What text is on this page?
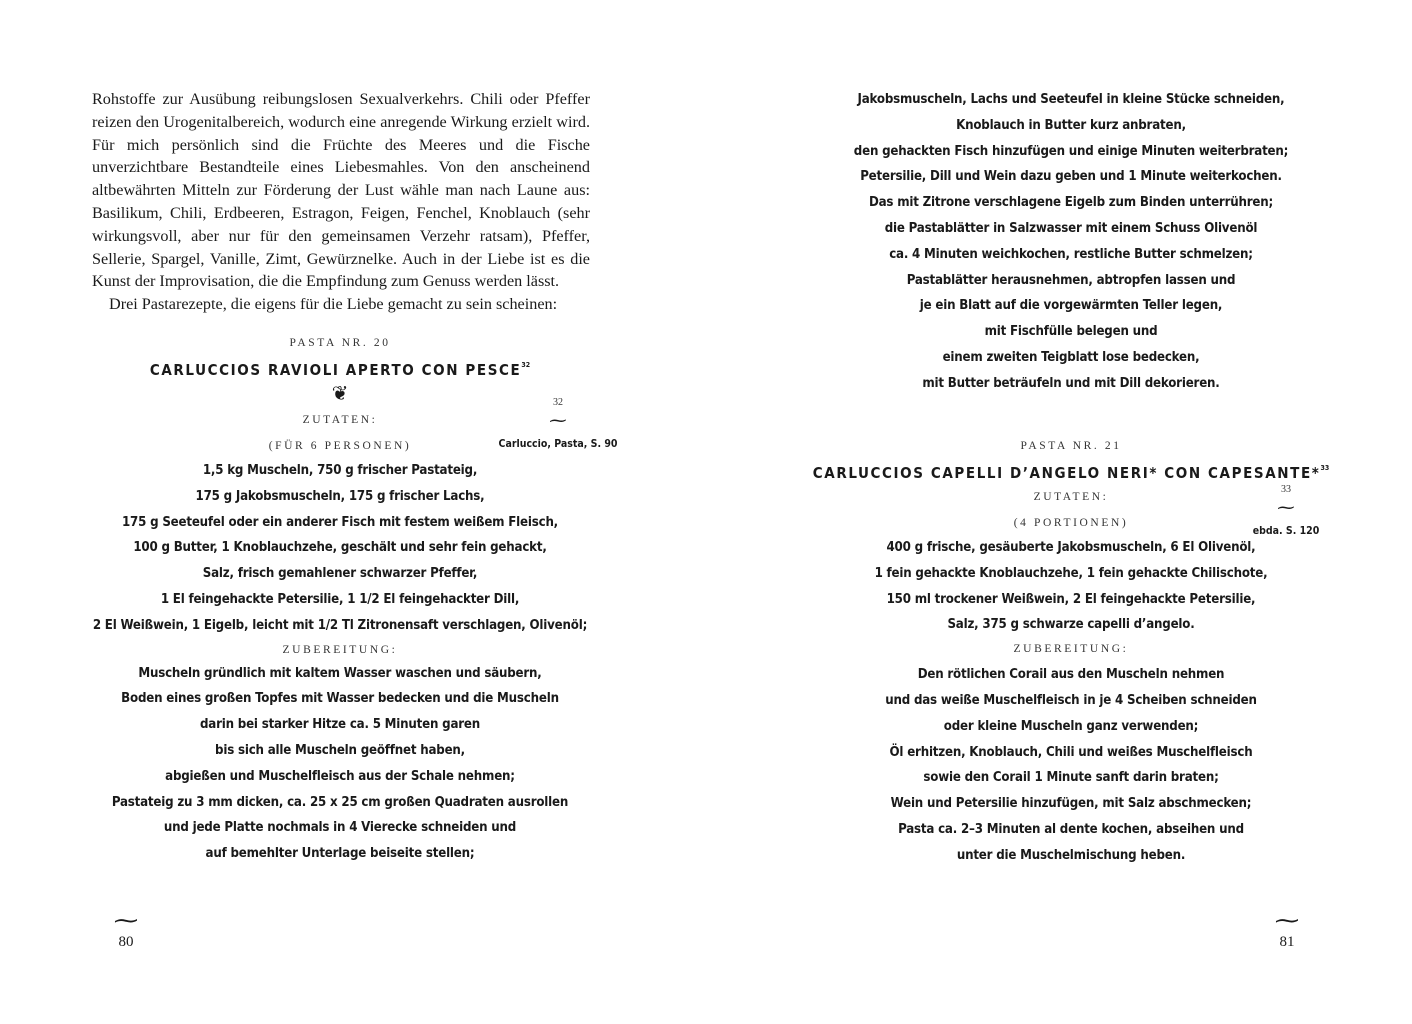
Rohstoffe zur Ausübung reibungslosen Sexualverkehrs. Chili oder Pfeffer reizen den Urogenitalbereich, wodurch eine anregende Wirkung erzielt wird. Für mich persönlich sind die Früchte des Meeres und die Fische unverzichtbare Bestandteile eines Liebesmahles. Von den anscheinend altbewährten Mitteln zur Förderung der Lust wähle man nach Laune aus: Basilikum, Chili, Erdbeeren, Estragon, Feigen, Fenchel, Knoblauch (sehr wirkungsvoll, aber nur für den gemeinsamen Verzehr ratsam), Pfeffer, Sellerie, Spargel, Vanille, Zimt, Gewürznelke. Auch in der Liebe ist es die Kunst der Improvisation, die die Empfindung zum Genuss werden lässt.

Drei Pastarezepte, die eigens für die Liebe gemacht zu sein scheinen:

PASTA NR. 20
CARLUCCIOS RAVIOLI APERTO CON PESCE$^{32}$
❦
ZUTATEN:
(FÜR 6 PERSONEN)
1,5 kg Muscheln, 750 g frischer Pastateig,
175 g Jakobsmuscheln, 175 g frischer Lachs,
175 g Seeteufel oder ein anderer Fisch mit festem weißem Fleisch,
100 g Butter, 1 Knoblauchzehe, geschält und sehr fein gehackt,
Salz, frisch gemahlener schwarzer Pfeffer,
1 El feingehackte Petersilie, 1 1/2 El feingehackter Dill,
2 El Weißwein, 1 Eigelb, leicht mit 1/2 Tl Zitronensaft verschlagen, Olivenöl;
ZUBEREITUNG:
Muscheln gründlich mit kaltem Wasser waschen und säubern,
Boden eines großen Topfes mit Wasser bedecken und die Muscheln
darin bei starker Hitze ca. 5 Minuten garen
bis sich alle Muscheln geöffnet haben,
abgießen und Muschelfleisch aus der Schale nehmen;
Pastateig zu 3 mm dicken, ca. 25 x 25 cm großen Quadraten ausrollen
und jede Platte nochmals in 4 Vierecke schneiden und
auf bemehlter Unterlage beiseite stellen;
32
~
Carluccio, Pasta, S. 90
~
80
Jakobsmuscheln, Lachs und Seeteufel in kleine Stücke schneiden,
Knoblauch in Butter kurz anbraten,
den gehackten Fisch hinzufügen und einige Minuten weiterbraten;
Petersilie, Dill und Wein dazu geben und 1 Minute weiterkochen.
Das mit Zitrone verschlagene Eigelb zum Binden unterrühren;
die Pastablätter in Salzwasser mit einem Schuss Olivenöl
ca. 4 Minuten weichkochen, restliche Butter schmelzen;
Pastablätter herausnehmen, abtropfen lassen und
je ein Blatt auf die vorgewärmten Teller legen,
mit Fischfülle belegen und
einem zweiten Teigblatt lose bedecken,
mit Butter beträufeln und mit Dill dekorieren.
PASTA NR. 21
CARLUCCIOS CAPELLI D’ANGELO NERI* CON CAPESANTE*$^{33}$
ZUTATEN:
(4 PORTIONEN)
400 g frische, gesäuberte Jakobsmuscheln, 6 El Olivenöl,
1 fein gehackte Knoblauchzehe, 1 fein gehackte Chilischote,
150 ml trockener Weißwein, 2 El feingehackte Petersilie,
Salz, 375 g schwarze capelli d’angelo.
ZUBEREITUNG:
Den rötlichen Corail aus den Muscheln nehmen
und das weiße Muschelfleisch in je 4 Scheiben schneiden
oder kleine Muscheln ganz verwenden;
Öl erhitzen, Knoblauch, Chili und weißes Muschelfleisch
sowie den Corail 1 Minute sanft darin braten;
Wein und Petersilie hinzufügen, mit Salz abschmecken;
Pasta ca. 2–3 Minuten al dente kochen, abseihen und
unter die Muschelmischung heben.
33
~
ebda. S. 120
~
81
